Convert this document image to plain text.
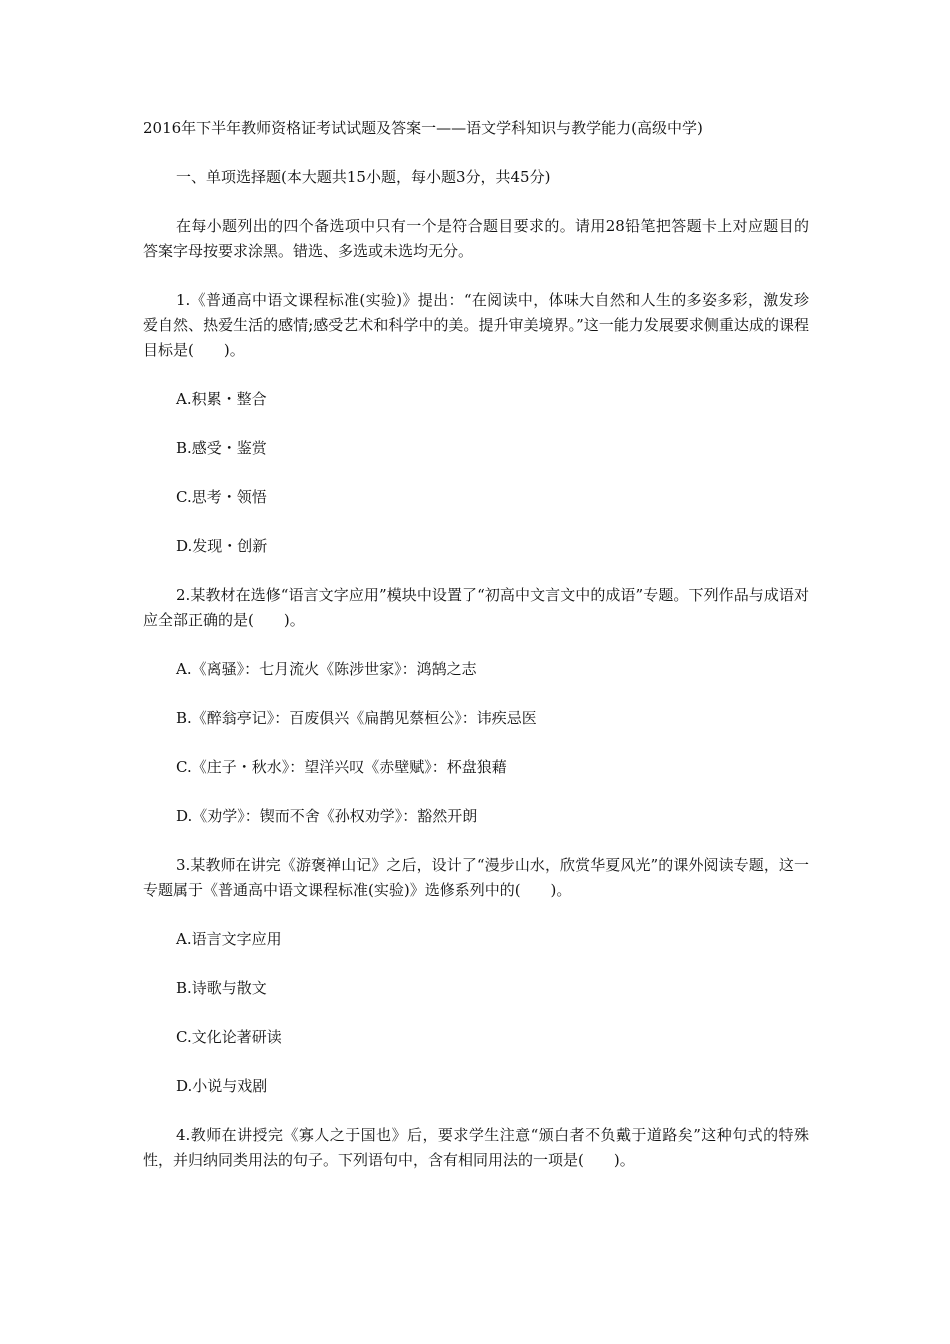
2016年下半年教师资格证考试试题及答案一——语文学科知识与教学能力(高级中学)

一、单项选择题(本大题共15小题，每小题3分，共45分)

在每小题列出的四个备选项中只有一个是符合题目要求的。请用28铅笔把答题卡上对应题目的答案字母按要求涂黑。错选、多选或未选均无分。

1.《普通高中语文课程标准(实验)》提出：“在阅读中，体味大自然和人生的多姿多彩，激发珍爱自然、热爱生活的感情;感受艺术和科学中的美。提升审美境界。”这一能力发展要求侧重达成的课程目标是(　　)。

A.积累・整合

B.感受・鉴赏

C.思考・领悟

D.发现・创新

2.某教材在选修“语言文字应用”模块中设置了“初高中文言文中的成语”专题。下列作品与成语对应全部正确的是(　　)。

A.《离骚》：七月流火《陈涉世家》：鸿鹄之志

B.《醉翁亭记》：百废俱兴《扁鹊见蔡桓公》：讳疾忌医

C.《庄子・秋水》：望洋兴叹《赤壁赋》：杯盘狼藉

D.《劝学》：锲而不舍《孙权劝学》：豁然开朗

3.某教师在讲完《游褒禅山记》之后，设计了“漫步山水，欣赏华夏风光”的课外阅读专题，这一专题属于《普通高中语文课程标准(实验)》选修系列中的(　　)。

A.语言文字应用

B.诗歌与散文

C.文化论著研读

D.小说与戏剧

4.教师在讲授完《寡人之于国也》后，要求学生注意“颁白者不负戴于道路矣”这种句式的特殊性，并归纳同类用法的句子。下列语句中，含有相同用法的一项是(　　)。
